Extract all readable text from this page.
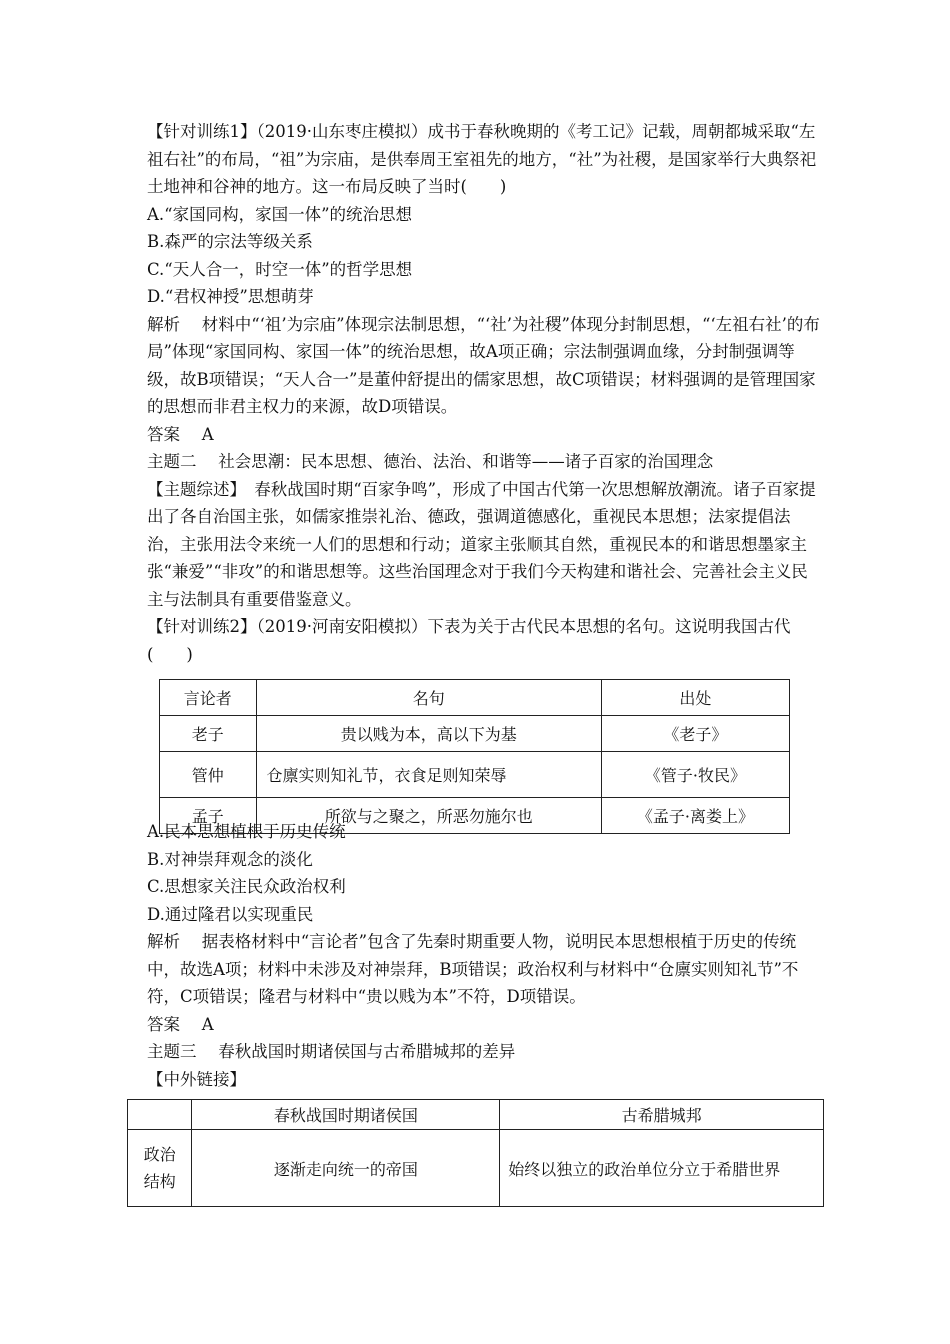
【针对训练1】（2019·山东枣庄模拟）成书于春秋晚期的《考工记》记载，周朝都城采取“左祖右社”的布局，“祖”为宗庙，是供奉周王室祖先的地方，“社”为社稷，是国家举行大典祭祀土地神和谷神的地方。这一布局反映了当时(　　)

A.“家国同构，家国一体”的统治思想

B.森严的宗法等级关系

C.“天人合一，时空一体”的哲学思想

D.“君权神授”思想萌芽

解析　 材料中“‘祖’为宗庙”体现宗法制思想，“‘社’为社稷”体现分封制思想，“‘左祖右社’的布局”体现“家国同构、家国一体”的统治思想，故A项正确；宗法制强调血缘，分封制强调等级，故B项错误；“天人合一”是董仲舒提出的儒家思想，故C项错误；材料强调的是管理国家的思想而非君主权力的来源，故D项错误。

答案　 A

主题二　 社会思潮：民本思想、德治、法治、和谐等——诸子百家的治国理念

【主题综述】　 春秋战国时期“百家争鸣”，形成了中国古代第一次思想解放潮流。诸子百家提出了各自治国主张，如儒家推崇礼治、德政，强调道德感化，重视民本思想；法家提倡法治，主张用法令来统一人们的思想和行动；道家主张顺其自然，重视民本的和谐思想墨家主张“兼爱”“非攻”的和谐思想等。这些治国理念对于我们今天构建和谐社会、完善社会主义民主与法制具有重要借鉴意义。

【针对训练2】（2019·河南安阳模拟）下表为关于古代民本思想的名句。这说明我国古代(　　)

言论者	名句	出处
老子	贵以贱为本，高以下为基	《老子》
管仲	仓廪实则知礼节，衣食足则知荣辱	《管子·牧民》
孟子	所欲与之聚之，所恶勿施尔也	《孟子·离娄上》

A.民本思想植根于历史传统

B.对神崇拜观念的淡化

C.思想家关注民众政治权利

D.通过隆君以实现重民

解析　 据表格材料中“言论者”包含了先秦时期重要人物，说明民本思想根植于历史的传统中，故选A项；材料中未涉及对神崇拜，B项错误；政治权利与材料中“仓廪实则知礼节”不符，C项错误；隆君与材料中“贵以贱为本”不符，D项错误。

答案　 A

主题三　 春秋战国时期诸侯国与古希腊城邦的差异

【中外链接】

	春秋战国时期诸侯国	古希腊城邦

政治
结构	逐渐走向统一的帝国	始终以独立的政治单位分立于希腊世界
